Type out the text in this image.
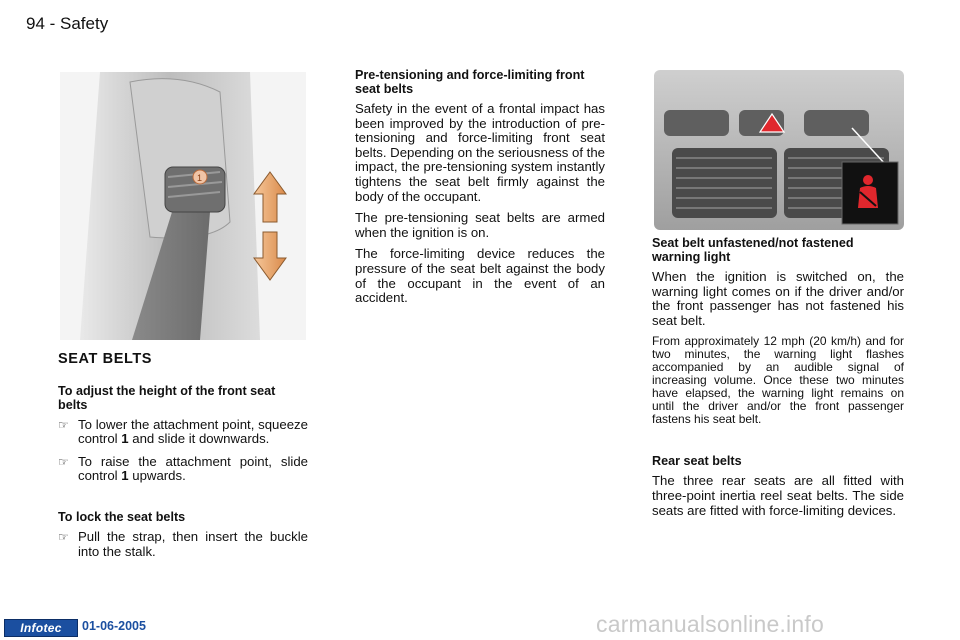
94 - Safety
1
SEAT BELTS
To adjust the height of the front seat belts
☞ To lower the attachment point, squeeze control 1 and slide it downwards.
☞ To raise the attachment point, slide control 1 upwards.
To lock the seat belts
☞ Pull the strap, then insert the buckle into the stalk.
Pre-tensioning and force-limiting front seat belts

Safety in the event of a frontal impact has been improved by the introduction of pre-tensioning and force-limiting front seat belts. Depending on the seriousness of the impact, the pre-tensioning system instantly tightens the seat belt firmly against the body of the occupant.

The pre-tensioning seat belts are armed when the ignition is on.

The force-limiting device reduces the pressure of the seat belt against the body of the occupant in the event of an accident.

Seat belt unfastened/not fastened warning light

When the ignition is switched on, the warning light comes on if the driver and/or the front passenger has not fastened his seat belt.

From approximately 12 mph (20 km/h) and for two minutes, the warning light flashes accompanied by an audible signal of increasing volume. Once these two minutes have elapsed, the warning light remains on until the driver and/or the front passenger fastens his seat belt.

Rear seat belts

The three rear seats are all fitted with three-point inertia reel seat belts. The side seats are fitted with force-limiting devices.

Infotec	01-06-2005	carmanualsonline.info
